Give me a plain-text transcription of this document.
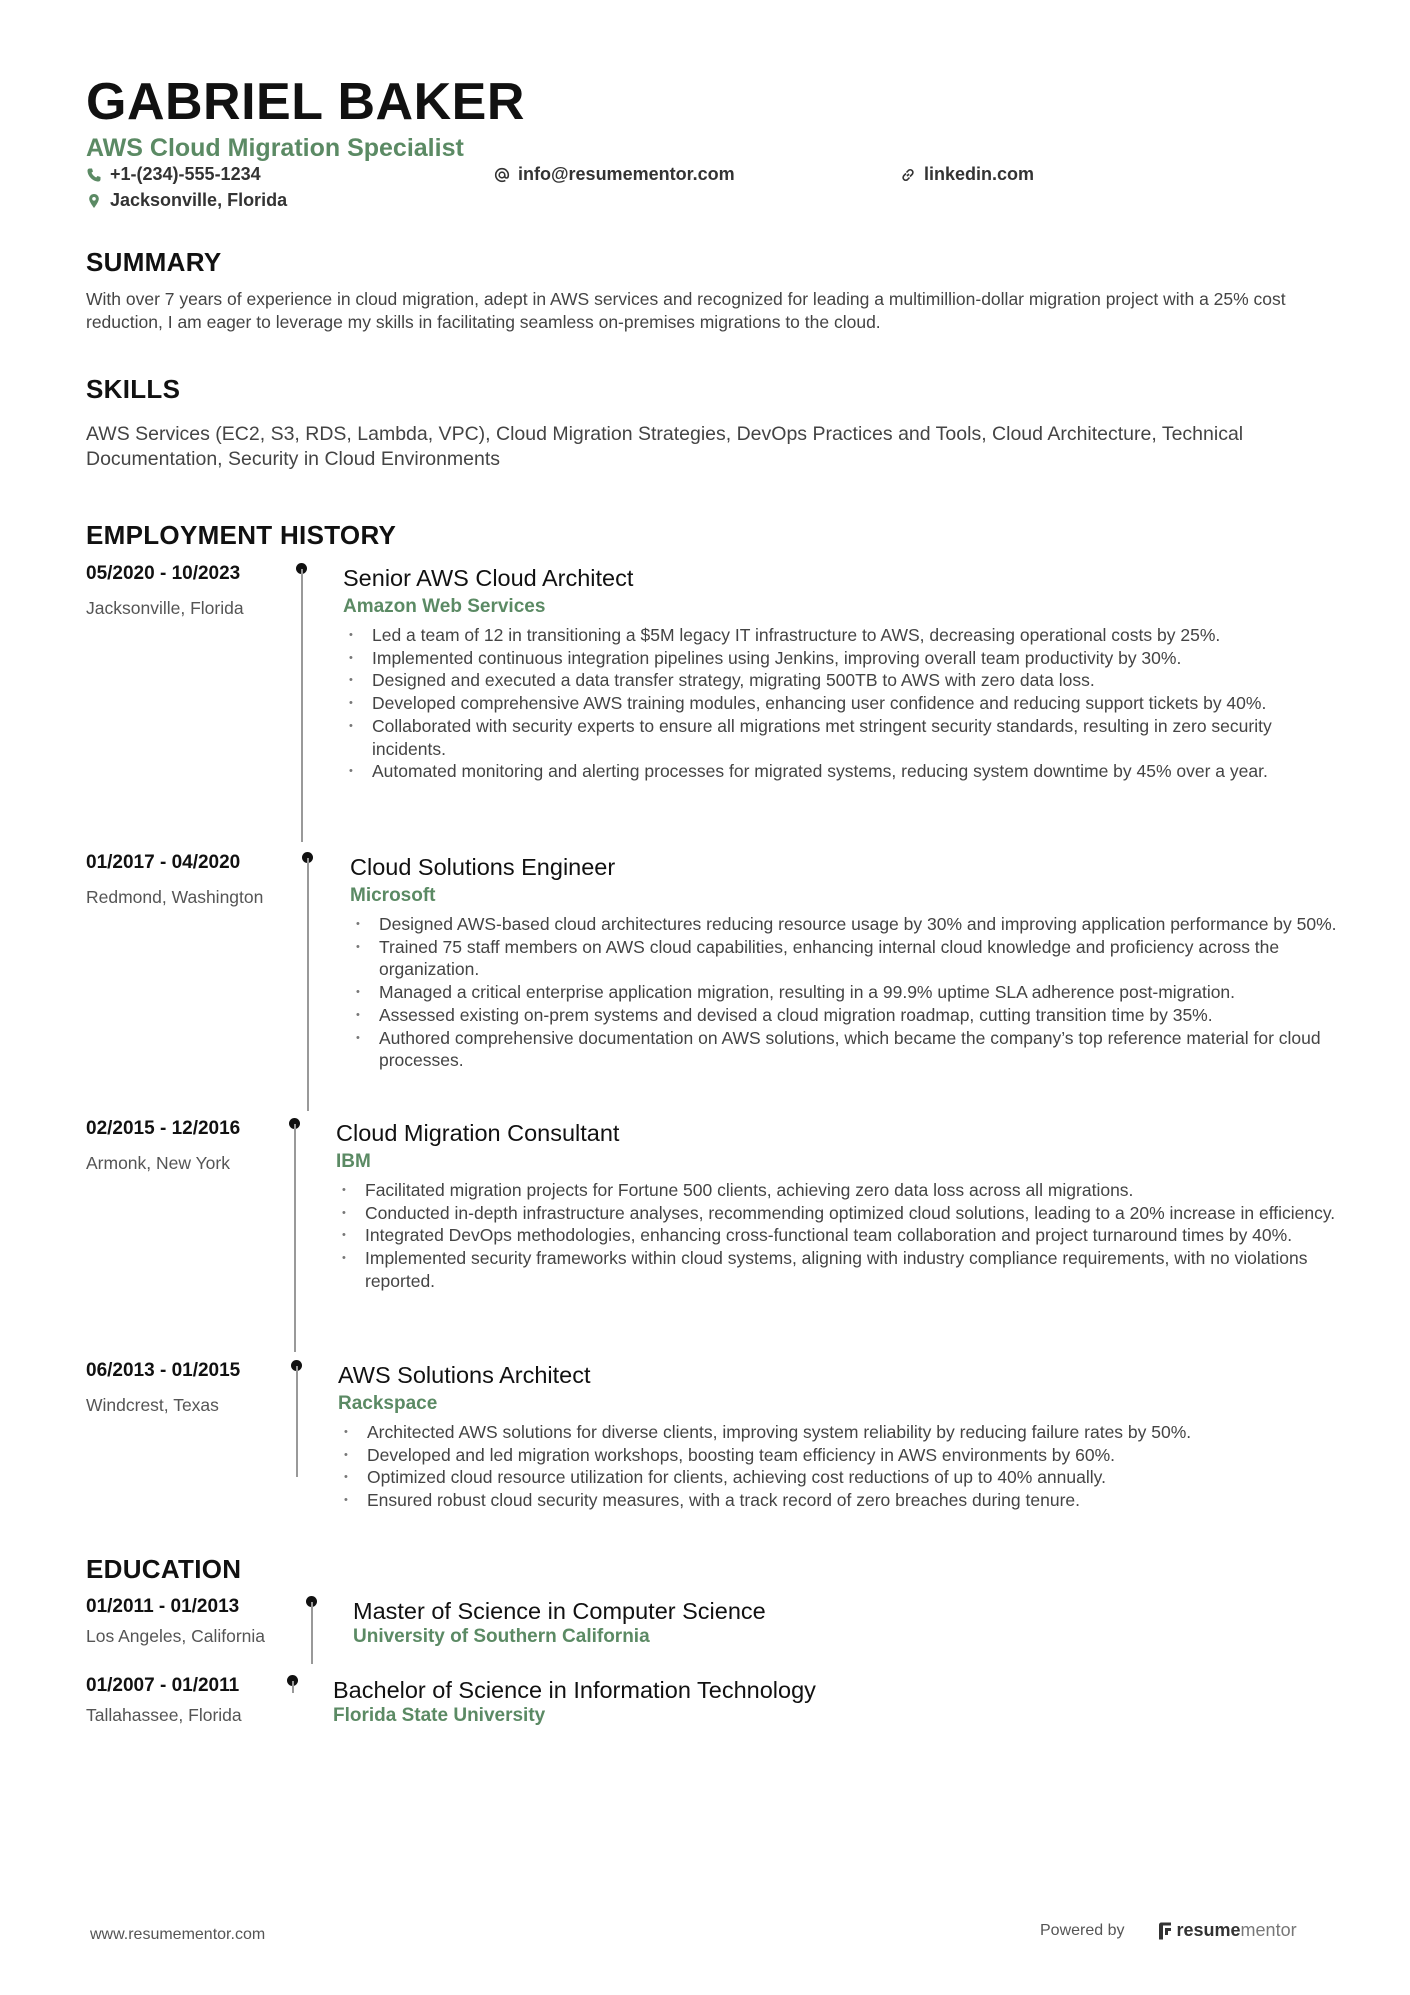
GABRIEL BAKER
AWS Cloud Migration Specialist
+1-(234)-555-1234	info@resumementor.com	linkedin.com
Jacksonville, Florida
SUMMARY
With over 7 years of experience in cloud migration, adept in AWS services and recognized for leading a multimillion-dollar migration project with a 25% cost reduction, I am eager to leverage my skills in facilitating seamless on-premises migrations to the cloud.
SKILLS
AWS Services (EC2, S3, RDS, Lambda, VPC), Cloud Migration Strategies, DevOps Practices and Tools, Cloud Architecture, Technical Documentation, Security in Cloud Environments
EMPLOYMENT HISTORY
05/2020 - 10/2023
Jacksonville, Florida
Senior AWS Cloud Architect
Amazon Web Services
• Led a team of 12 in transitioning a $5M legacy IT infrastructure to AWS, decreasing operational costs by 25%.
• Implemented continuous integration pipelines using Jenkins, improving overall team productivity by 30%.
• Designed and executed a data transfer strategy, migrating 500TB to AWS with zero data loss.
• Developed comprehensive AWS training modules, enhancing user confidence and reducing support tickets by 40%.
• Collaborated with security experts to ensure all migrations met stringent security standards, resulting in zero security incidents.
• Automated monitoring and alerting processes for migrated systems, reducing system downtime by 45% over a year.
01/2017 - 04/2020
Redmond, Washington
Cloud Solutions Engineer
Microsoft
• Designed AWS-based cloud architectures reducing resource usage by 30% and improving application performance by 50%.
• Trained 75 staff members on AWS cloud capabilities, enhancing internal cloud knowledge and proficiency across the organization.
• Managed a critical enterprise application migration, resulting in a 99.9% uptime SLA adherence post-migration.
• Assessed existing on-prem systems and devised a cloud migration roadmap, cutting transition time by 35%.
• Authored comprehensive documentation on AWS solutions, which became the company’s top reference material for cloud processes.
02/2015 - 12/2016
Armonk, New York
Cloud Migration Consultant
IBM
• Facilitated migration projects for Fortune 500 clients, achieving zero data loss across all migrations.
• Conducted in-depth infrastructure analyses, recommending optimized cloud solutions, leading to a 20% increase in efficiency.
• Integrated DevOps methodologies, enhancing cross-functional team collaboration and project turnaround times by 40%.
• Implemented security frameworks within cloud systems, aligning with industry compliance requirements, with no violations reported.
06/2013 - 01/2015
Windcrest, Texas
AWS Solutions Architect
Rackspace
• Architected AWS solutions for diverse clients, improving system reliability by reducing failure rates by 50%.
• Developed and led migration workshops, boosting team efficiency in AWS environments by 60%.
• Optimized cloud resource utilization for clients, achieving cost reductions of up to 40% annually.
• Ensured robust cloud security measures, with a track record of zero breaches during tenure.
EDUCATION
01/2011 - 01/2013
Los Angeles, California
Master of Science in Computer Science
University of Southern California
01/2007 - 01/2011
Tallahassee, Florida
Bachelor of Science in Information Technology
Florida State University
www.resumementor.com	Powered by	resume mentor
